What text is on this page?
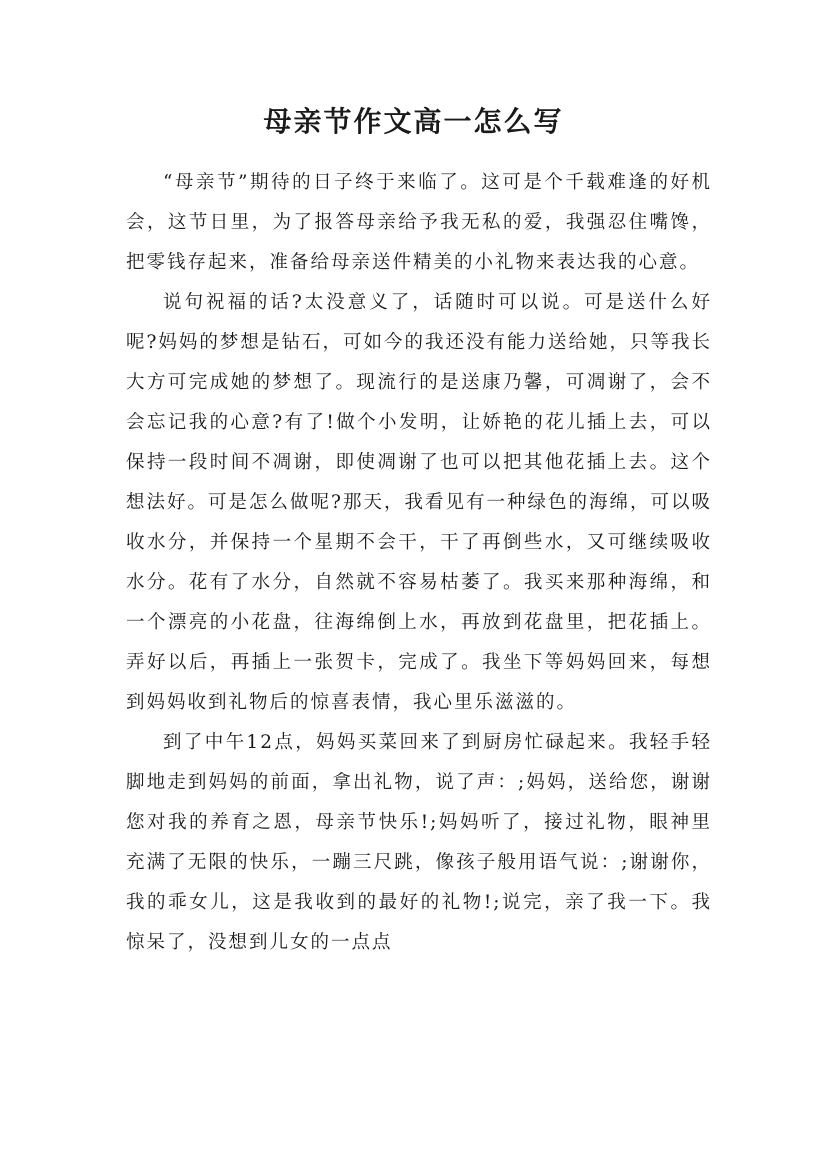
母亲节作文高一怎么写

“母亲节”期待的日子终于来临了。这可是个千载难逢的好机会，这节日里，为了报答母亲给予我无私的爱，我强忍住嘴馋，把零钱存起来，准备给母亲送件精美的小礼物来表达我的心意。

说句祝福的话?太没意义了，话随时可以说。可是送什么好呢?妈妈的梦想是钻石，可如今的我还没有能力送给她，只等我长大方可完成她的梦想了。现流行的是送康乃馨，可凋谢了，会不会忘记我的心意?有了!做个小发明，让娇艳的花儿插上去，可以保持一段时间不凋谢，即使凋谢了也可以把其他花插上去。这个想法好。可是怎么做呢?那天，我看见有一种绿色的海绵，可以吸收水分，并保持一个星期不会干，干了再倒些水，又可继续吸收水分。花有了水分，自然就不容易枯萎了。我买来那种海绵，和一个漂亮的小花盘，往海绵倒上水，再放到花盘里，把花插上。弄好以后，再插上一张贺卡，完成了。我坐下等妈妈回来，每想到妈妈收到礼物后的惊喜表情，我心里乐滋滋的。

到了中午12点，妈妈买菜回来了到厨房忙碌起来。我轻手轻脚地走到妈妈的前面，拿出礼物，说了声：;妈妈，送给您，谢谢您对我的养育之恩，母亲节快乐!;妈妈听了，接过礼物，眼神里充满了无限的快乐，一蹦三尺跳，像孩子般用语气说：;谢谢你，我的乖女儿，这是我收到的最好的礼物!;说完，亲了我一下。我惊呆了，没想到儿女的一点点
